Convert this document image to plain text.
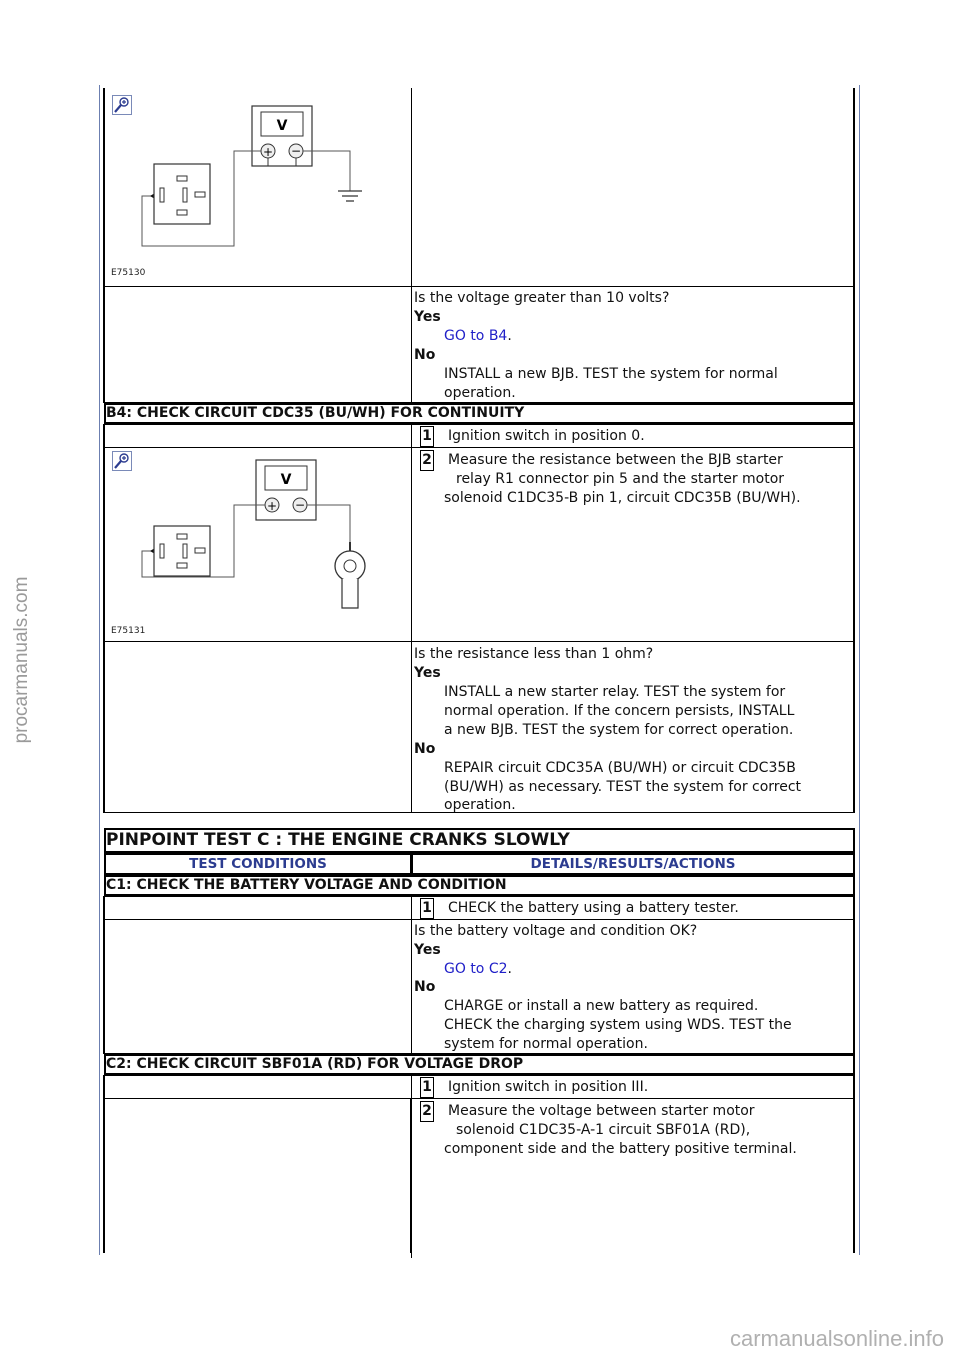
procarmanuals.com
carmanualsonline.info
V
+ −
E75130
Is the voltage greater than 10 volts?
Yes
GO to B4.
No
INSTALL a new BJB. TEST the system for normal
operation.
B4: CHECK CIRCUIT CDC35 (BU/WH) FOR CONTINUITY
1 Ignition switch in position 0.
V
+ −
E75131
2 Measure the resistance between the BJB starter
relay R1 connector pin 5 and the starter motor
solenoid C1DC35-B pin 1, circuit CDC35B (BU/WH).
Is the resistance less than 1 ohm?
Yes
INSTALL a new starter relay. TEST the system for
normal operation. If the concern persists, INSTALL
a new BJB. TEST the system for correct operation.
No
REPAIR circuit CDC35A (BU/WH) or circuit CDC35B
(BU/WH) as necessary. TEST the system for correct
operation.
PINPOINT TEST C : THE ENGINE CRANKS SLOWLY
TEST CONDITIONS	DETAILS/RESULTS/ACTIONS
C1: CHECK THE BATTERY VOLTAGE AND CONDITION
1 CHECK the battery using a battery tester.
Is the battery voltage and condition OK?
Yes
GO to C2.
No
CHARGE or install a new battery as required.
CHECK the charging system using WDS. TEST the
system for normal operation.
C2: CHECK CIRCUIT SBF01A (RD) FOR VOLTAGE DROP
1 Ignition switch in position III.
2 Measure the voltage between starter motor
solenoid C1DC35-A-1 circuit SBF01A (RD),
component side and the battery positive terminal.
